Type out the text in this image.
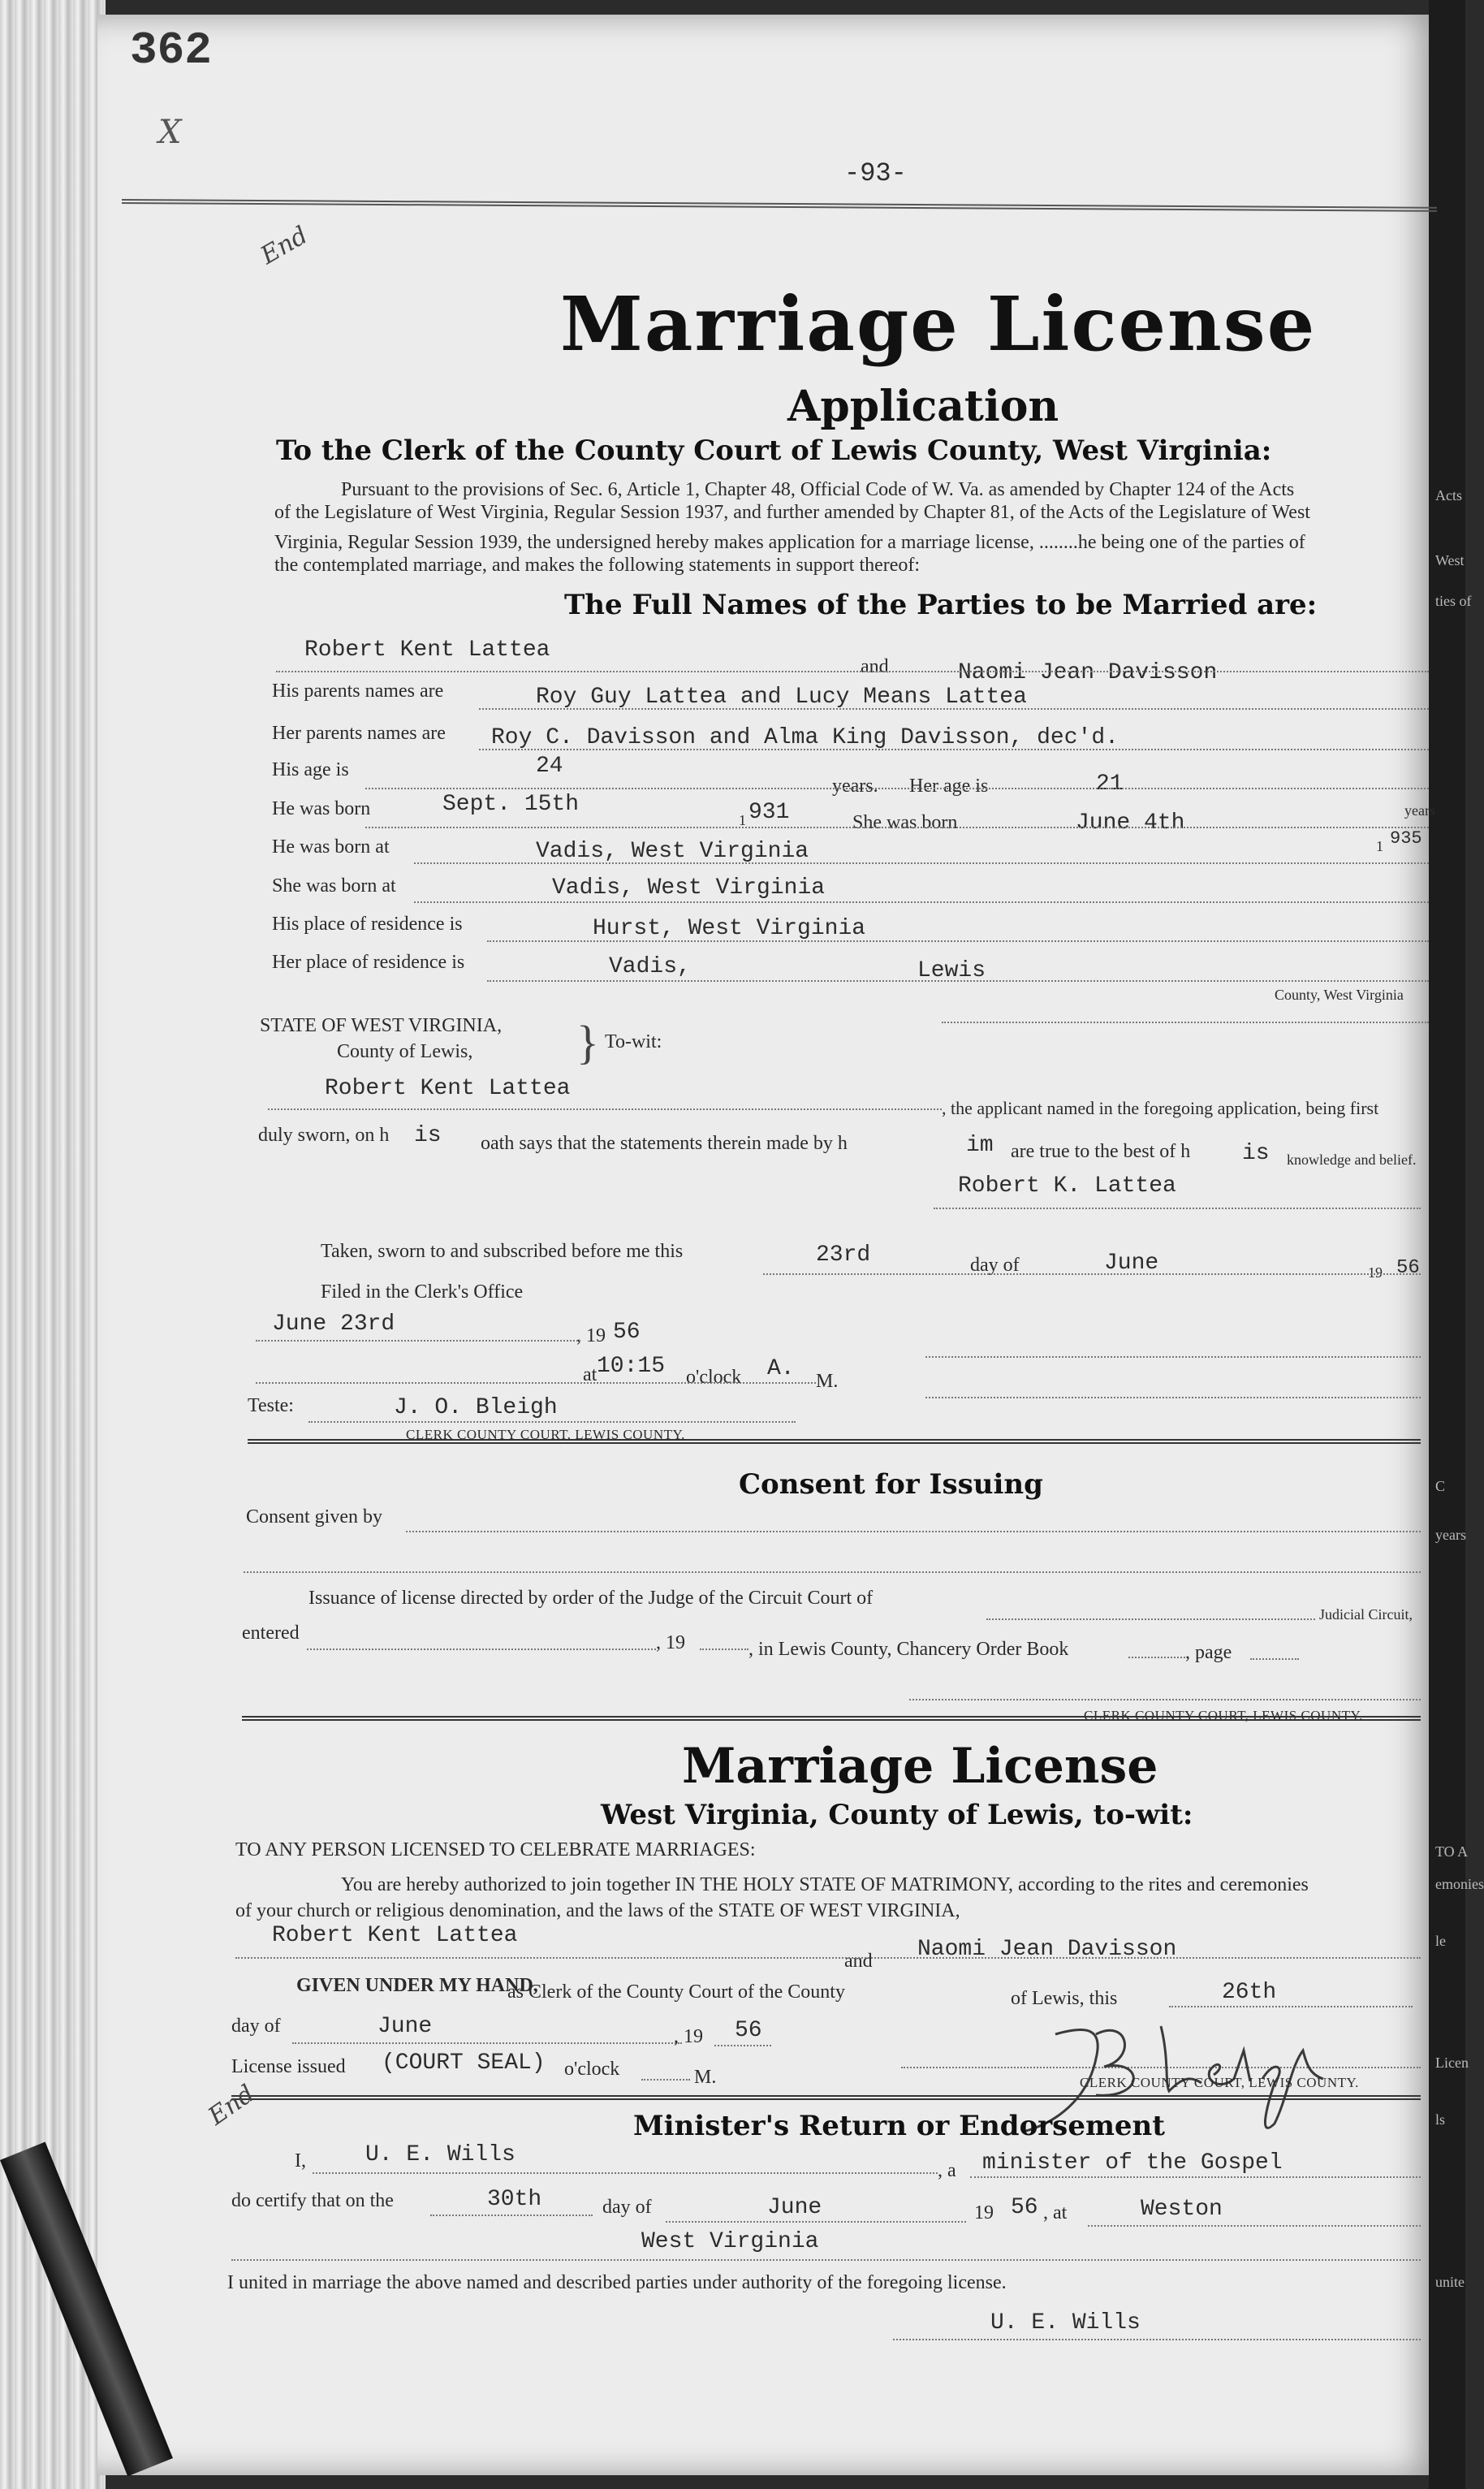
362
X
-93-
End
Marriage License
Application
To the Clerk of the County Court of Lewis County, West Virginia:
Pursuant to the provisions of Sec. 6, Article 1, Chapter 48, Official Code of W. Va. as amended by Chapter 124 of the Acts
of the Legislature of West Virginia, Regular Session 1937, and further amended by Chapter 81, of the Acts of the Legislature of West
Virginia, Regular Session 1939, the undersigned hereby makes application for a marriage license, ........he being one of the parties of
the contemplated marriage, and makes the following statements in support thereof:
The Full Names of the Parties to be Married are:
Robert Kent Lattea
and	Naomi Jean Davisson
His parents names are	Roy Guy Lattea and Lucy Means Lattea
Her parents names are Roy C. Davisson and Alma King Davisson, dec'd.
His age is	24
years. Her age is	21
years
He was born	Sept. 15th
1 931	She was born	June 4th
1 935
He was born at	Vadis, West Virginia
She was born at	Vadis, West Virginia
His place of residence is	Hurst, West Virginia
Her place of residence is	Vadis,	Lewis
County, West Virginia
STATE OF WEST VIRGINIA,
County of Lewis, } To-wit:
Robert Kent Lattea
, the applicant named in the foregoing application, being first
duly sworn, on h is oath says that the statements therein made by h	im are true to the best of h is knowledge and belief.
Robert K. Lattea
Taken, sworn to and subscribed before me this	23rd	day of	June	19 56
Filed in the Clerk's Office
June 23rd	, 19 56
at 10:15 o'clock A. M.
Teste:	J. O. Bleigh
CLERK COUNTY COURT, LEWIS COUNTY.
Consent for Issuing
Consent given by
Issuance of license directed by order of the Judge of the Circuit Court of
Judicial Circuit,
entered	, 19	, in Lewis County, Chancery Order Book	, page
CLERK COUNTY COURT, LEWIS COUNTY.
Marriage License
West Virginia, County of Lewis, to-wit:
TO ANY PERSON LICENSED TO CELEBRATE MARRIAGES:
You are hereby authorized to join together IN THE HOLY STATE OF MATRIMONY, according to the rites and ceremonies
of your church or religious denomination, and the laws of the STATE OF WEST VIRGINIA,
Robert Kent Lattea
and Naomi Jean Davisson
GIVEN UNDER MY HAND,
as Clerk of the County Court of the County	of Lewis, this	26th
day of	June	, 19 56
License issued (COURT SEAL) o'clock	M.
J.O.Bleigh
CLERK COUNTY COURT, LEWIS COUNTY.
End	Minister's Return or Endorsement
I,	U. E. Wills
, a minister of the Gospel
do certify that on the	30th	day of	June	19 56 , at	Weston
West Virginia
I united in marriage the above named and described parties under authority of the foregoing license.
U. E. Wills
Acts
West
ties of
C
years
TO A
emonies
le
Licen
ls
unite
